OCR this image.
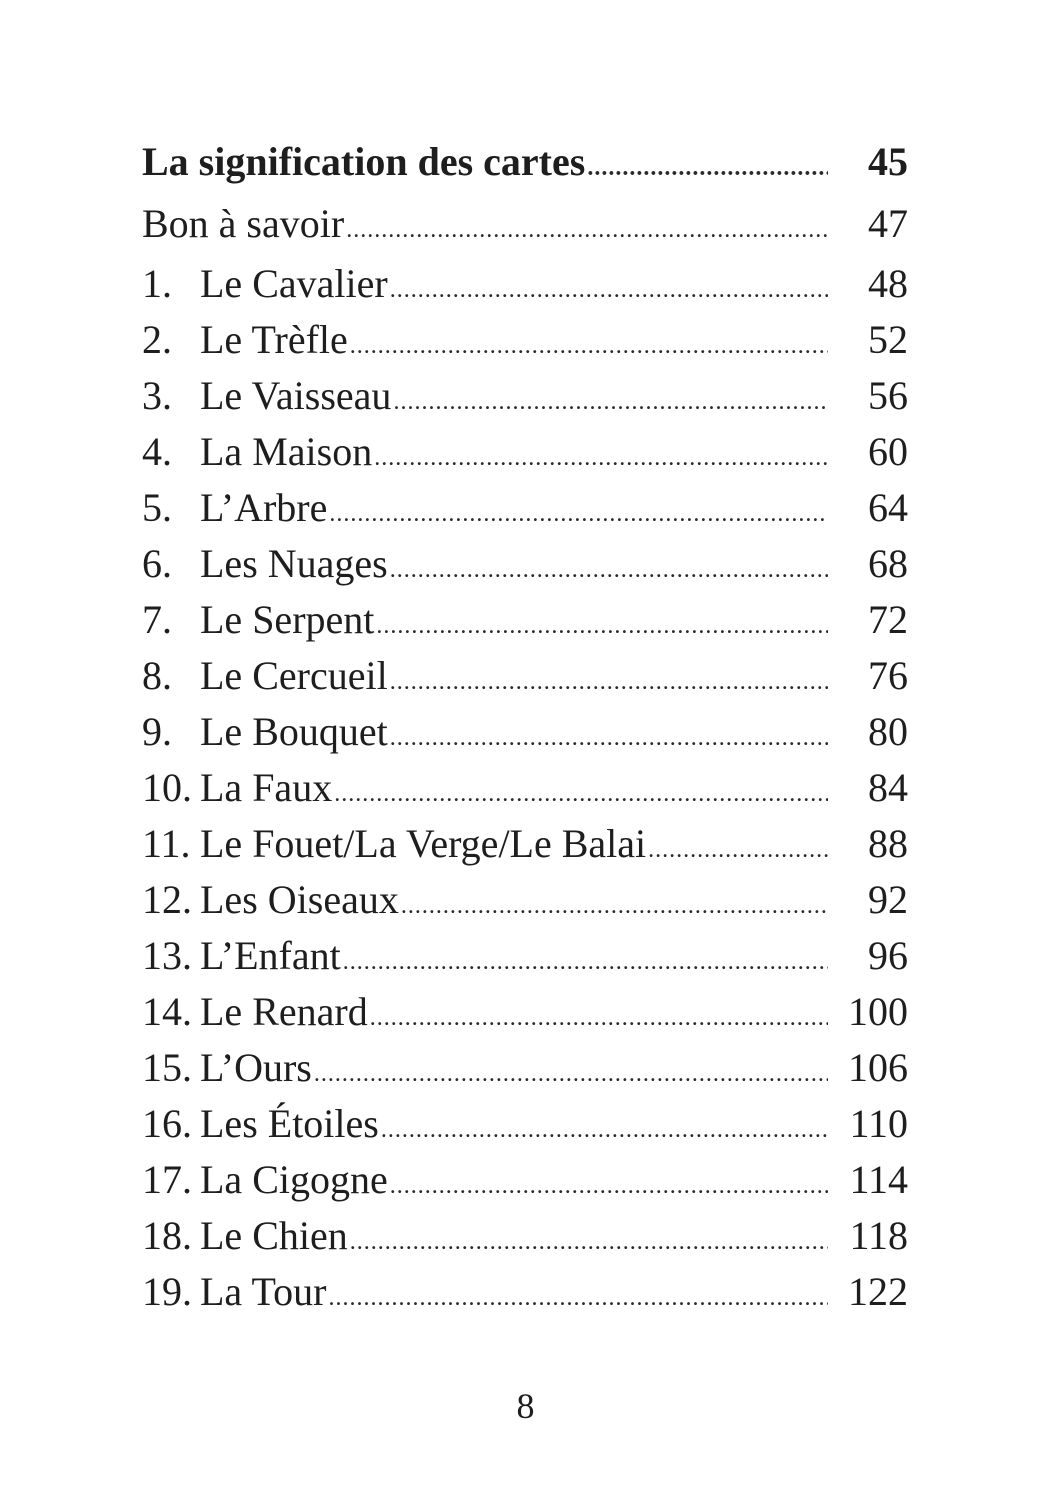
La signification des cartes .....	45
Bon à savoir .....	47
1. Le Cavalier .....	48
2. Le Trèfle .....	52
3. Le Vaisseau .....	56
4. La Maison .....	60
5. L’Arbre .....	64
6. Les Nuages .....	68
7. Le Serpent .....	72
8. Le Cercueil .....	76
9. Le Bouquet .....	80
10. La Faux .....	84
11. Le Fouet/La Verge/Le Balai .....	88
12. Les Oiseaux .....	92
13. L’Enfant .....	96
14. Le Renard .....	100
15. L’Ours .....	106
16. Les Étoiles .....	110
17. La Cigogne .....	114
18. Le Chien .....	118
19. La Tour .....	122
8
